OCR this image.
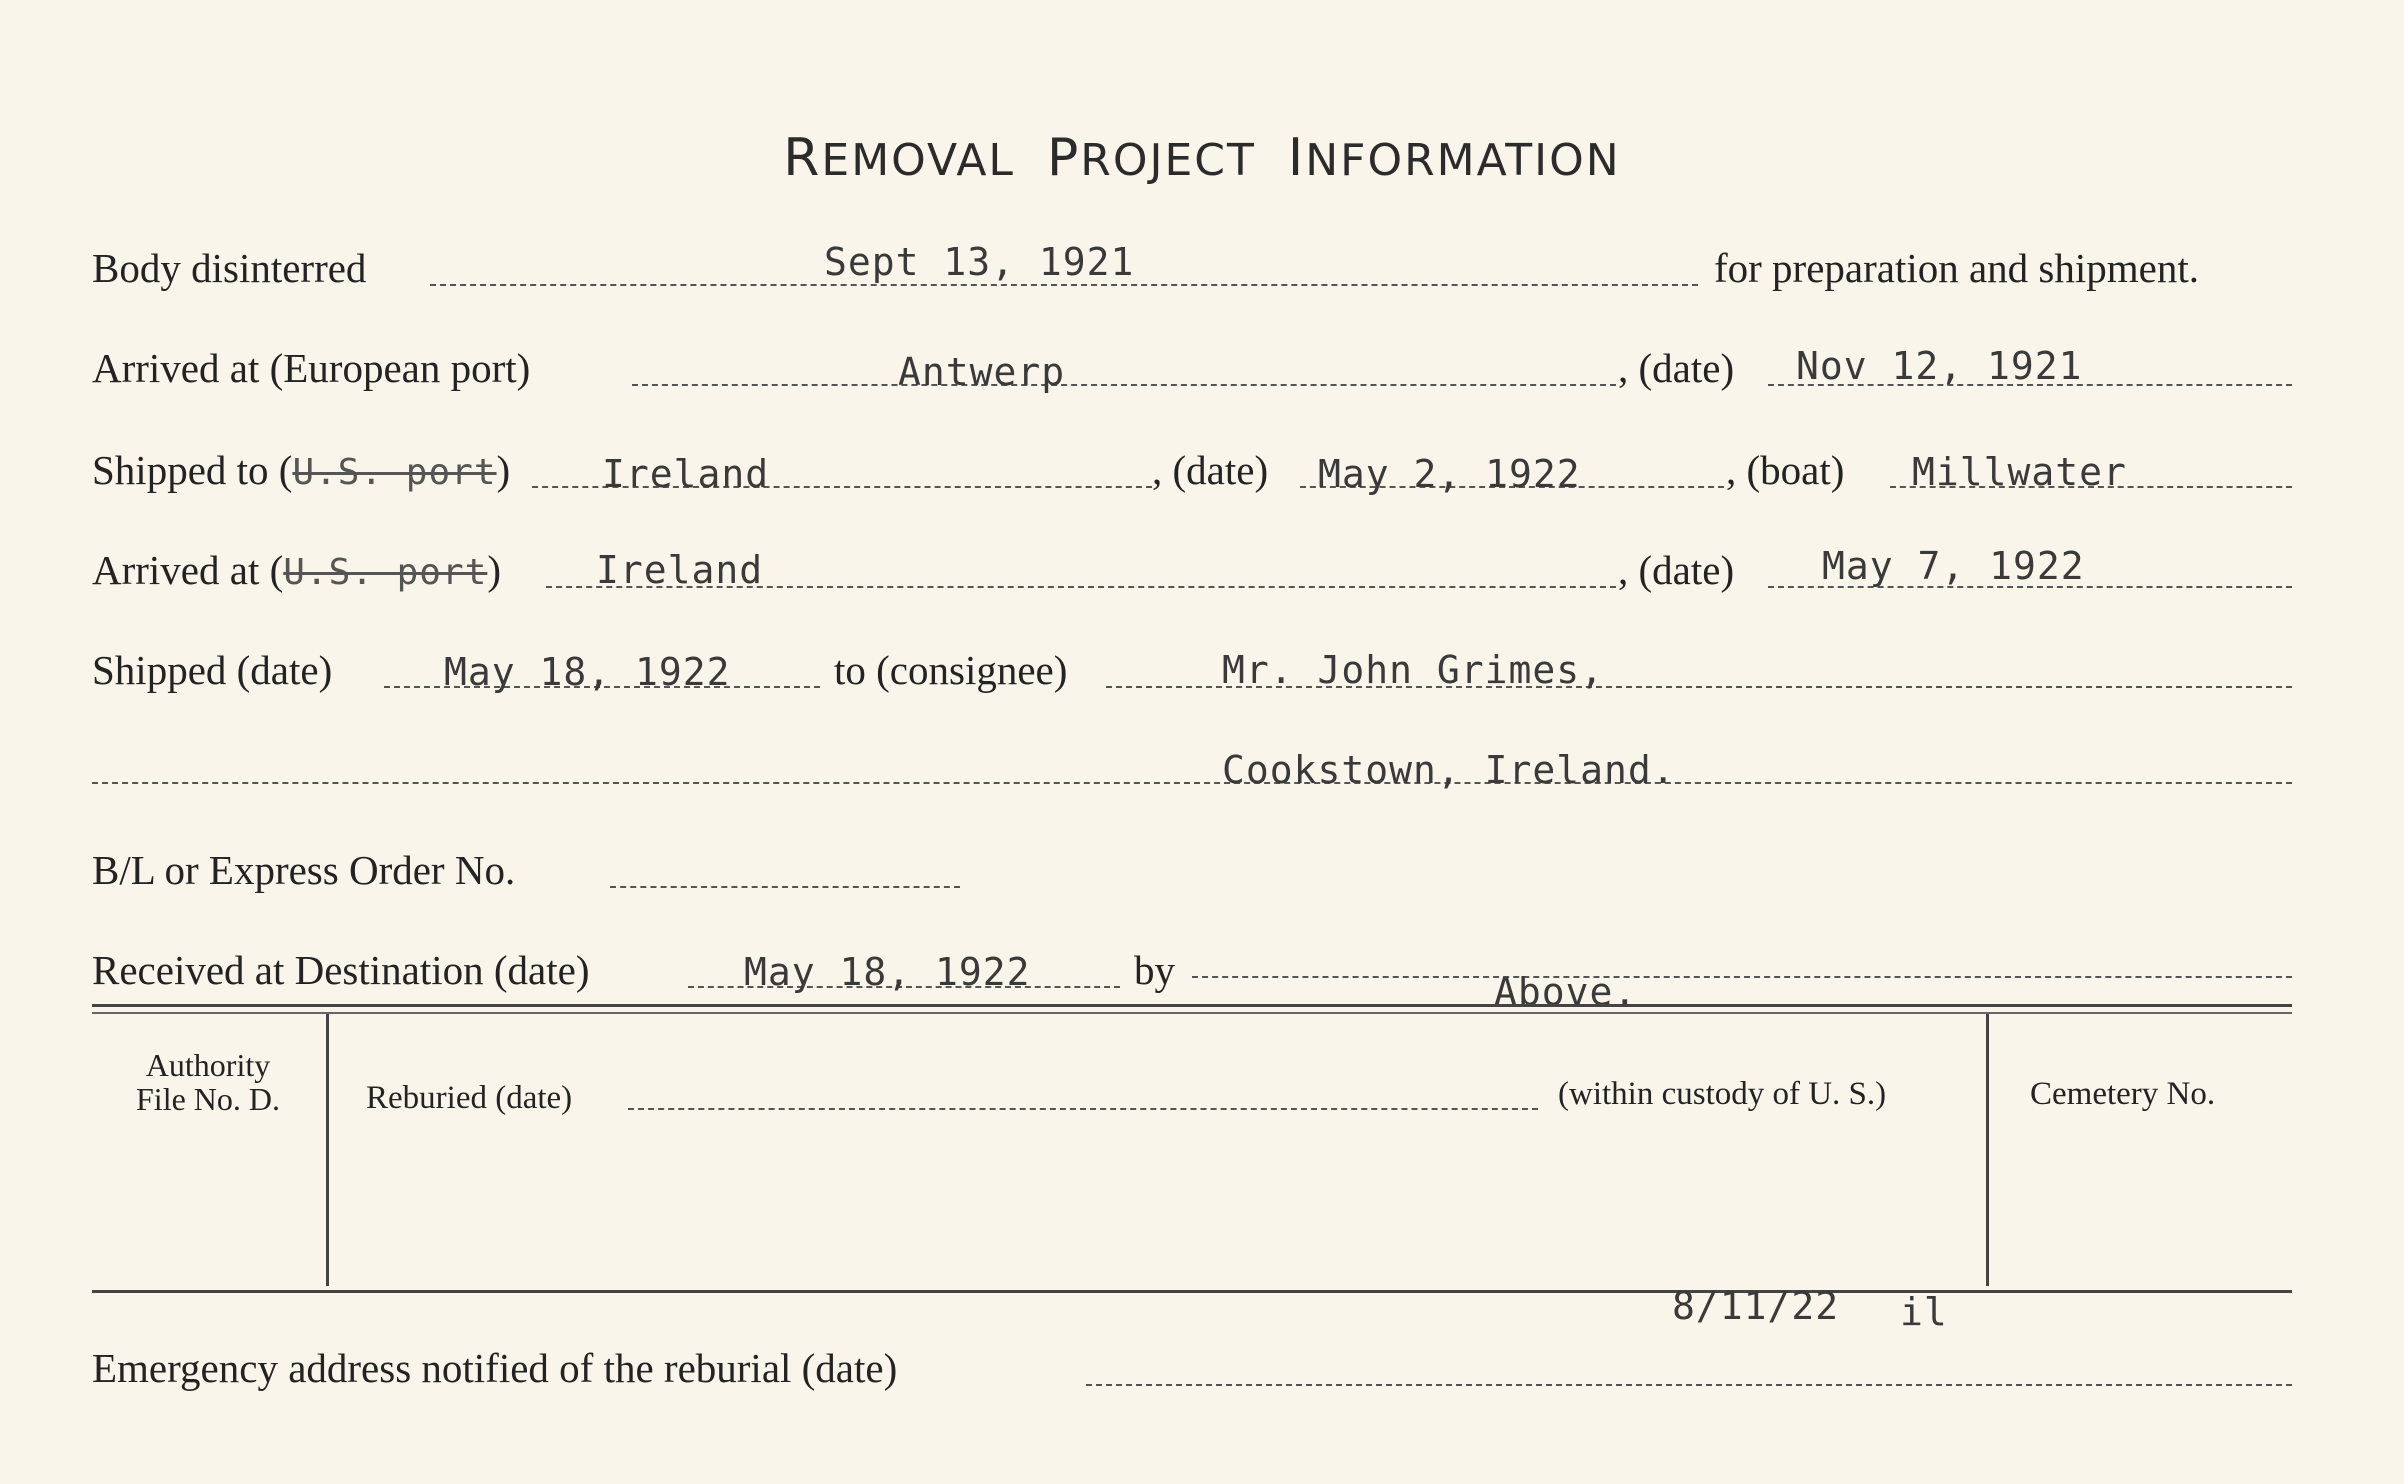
REMOVAL PROJECT INFORMATION
Body disinterred	Sept 13, 1921	for preparation and shipment.
Arrived at (European port)	Antwerp	, (date) Nov 12, 1921
Shipped to (U.S. port) Ireland	, (date) May 2, 1922	, (boat) Millwater
Arrived at (U.S. port)	Ireland	, (date) May 7, 1922
Shipped (date)	May 18, 1922	to (consignee)	Mr. John Grimes,
Cookstown, Ireland.
B/L or Express Order No.
Received at Destination (date)	May 18, 1922	by	Above.
Authority
File No. D.	Reburied (date)	(within custody of U. S.)	Cemetery No.
8/11/22 il
Emergency address notified of the reburial (date)
